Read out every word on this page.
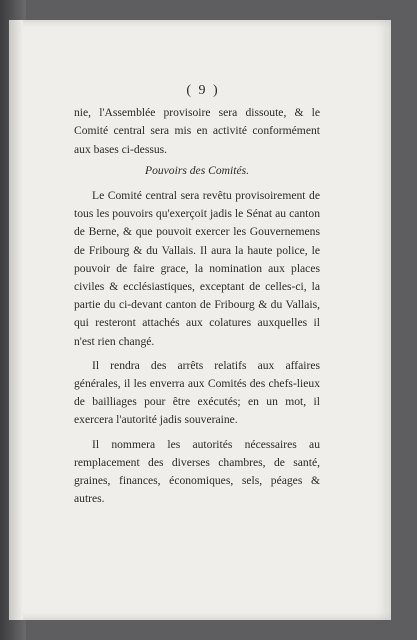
( 9 )

nie, l'Assemblée provisoire sera dissoute, & le Comité central sera mis en activité conformément aux bases ci-dessus.

Pouvoirs des Comités.

Le Comité central sera revêtu provisoirement de tous les pouvoirs qu'exerçoit jadis le Sénat au canton de Berne, & que pouvoit exercer les Gouvernemens de Fribourg & du Vallais. Il aura la haute police, le pouvoir de faire grace, la nomination aux places civiles & ecclésiastiques, exceptant de celles-ci, la partie du ci-devant canton de Fribourg & du Vallais, qui resteront attachés aux colatures auxquelles il n'est rien changé.

Il rendra des arrêts relatifs aux affaires générales, il les enverra aux Comités des chefs-lieux de bailliages pour être exécutés; en un mot, il exercera l'autorité jadis souveraine.

Il nommera les autorités nécessaires au remplacement des diverses chambres, de santé, graines, finances, économiques, sels, péages & autres.
